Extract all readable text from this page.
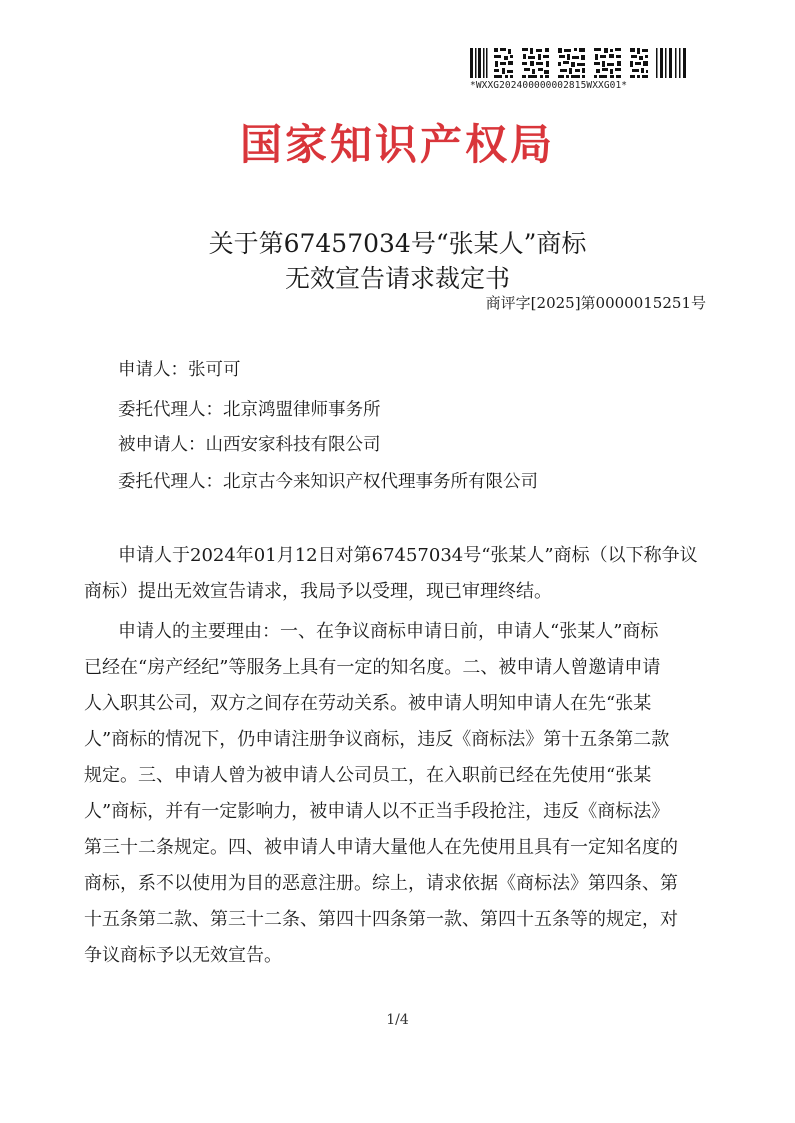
*WXXG202400000002815WXXG01*
国家知识产权局
关于第67457034号“张某人”商标
无效宣告请求裁定书
商评字[2025]第0000015251号
申请人：张可可
委托代理人：北京鸿盟律师事务所
被申请人：山西安家科技有限公司
委托代理人：北京古今来知识产权代理事务所有限公司
申请人于2024年01月12日对第67457034号“张某人”商标（以下称争议
商标）提出无效宣告请求，我局予以受理，现已审理终结。
申请人的主要理由：一、在争议商标申请日前，申请人“张某人”商标
已经在“房产经纪”等服务上具有一定的知名度。二、被申请人曾邀请申请
人入职其公司，双方之间存在劳动关系。被申请人明知申请人在先“张某
人”商标的情况下，仍申请注册争议商标，违反《商标法》第十五条第二款
规定。三、申请人曾为被申请人公司员工，在入职前已经在先使用“张某
人”商标，并有一定影响力，被申请人以不正当手段抢注，违反《商标法》
第三十二条规定。四、被申请人申请大量他人在先使用且具有一定知名度的
商标，系不以使用为目的恶意注册。综上，请求依据《商标法》第四条、第
十五条第二款、第三十二条、第四十四条第一款、第四十五条等的规定，对
争议商标予以无效宣告。
1/4
